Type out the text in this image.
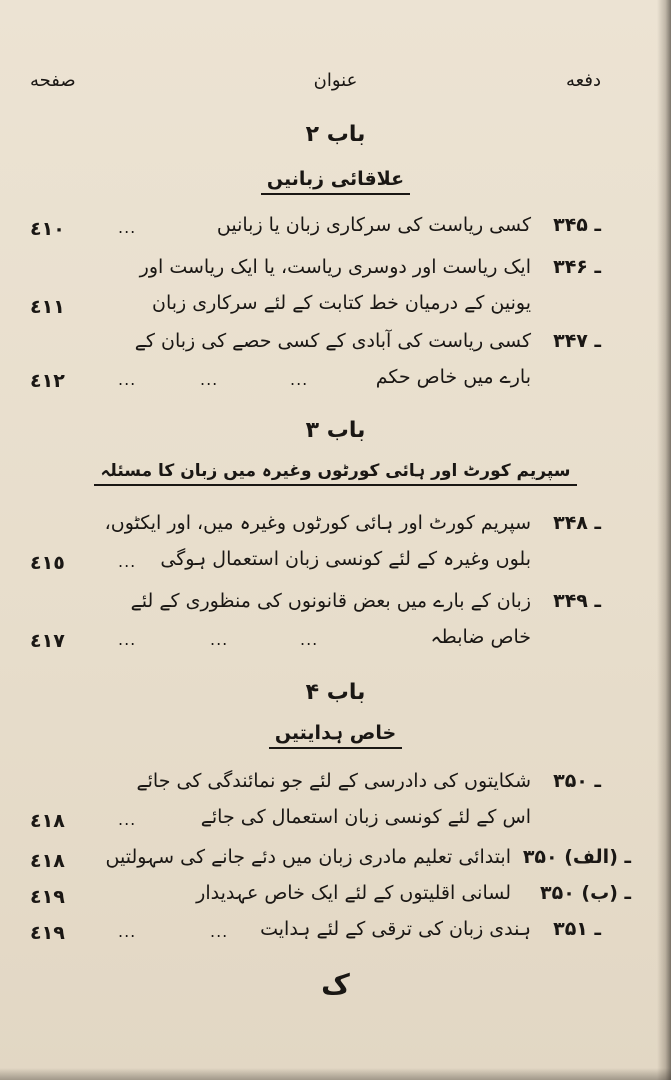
صفحه	عنوان	دفعه
باب ۲
علاقائی زبانیں
۳۴۵ ـ
کسی ریاست کی سرکاری زبان یا زبانیں
...
٤١٠
۳۴۶ ـ
ایک ریاست اور دوسری ریاست، یا ایک ریاست اور
یونین کے درمیان خط کتابت کے لئے سرکاری زبان
٤١١
۳۴۷ ـ
کسی ریاست کی آبادی کے کسی حصے کی زبان کے
بارے میں خاص حکم
...
...
...
٤١٢
باب ۳
سپریم کورٹ اور ہائی کورٹوں وغیرہ میں زبان کا مسئلہ
۳۴۸ ـ
سپریم کورٹ اور ہائی کورٹوں وغیرہ میں، اور ایکٹوں،
بلوں وغیرہ کے لئے کونسی زبان استعمال ہوگی
...
٤١٥
۳۴۹ ـ
زبان کے بارے میں بعض قانونوں کی منظوری کے لئے
خاص ضابطہ
...
...
...
٤١٧
باب ۴
خاص ہدایتیں
۳۵۰ ـ
شکایتوں کی دادرسی کے لئے جو نمائندگی کی جائے
اس کے لئے کونسی زبان استعمال کی جائے
...
٤١٨
۳۵۰ (الف) ـ
ابتدائی تعلیم مادری زبان میں دئے جانے کی سہولتیں
٤١٨
۳۵۰ (ب) ـ
لسانی اقلیتوں کے لئے ایک خاص عہدیدار
٤١٩
۳۵۱ ـ
ہندی زبان کی ترقی کے لئے ہدایت
...
...
٤١٩
ک
